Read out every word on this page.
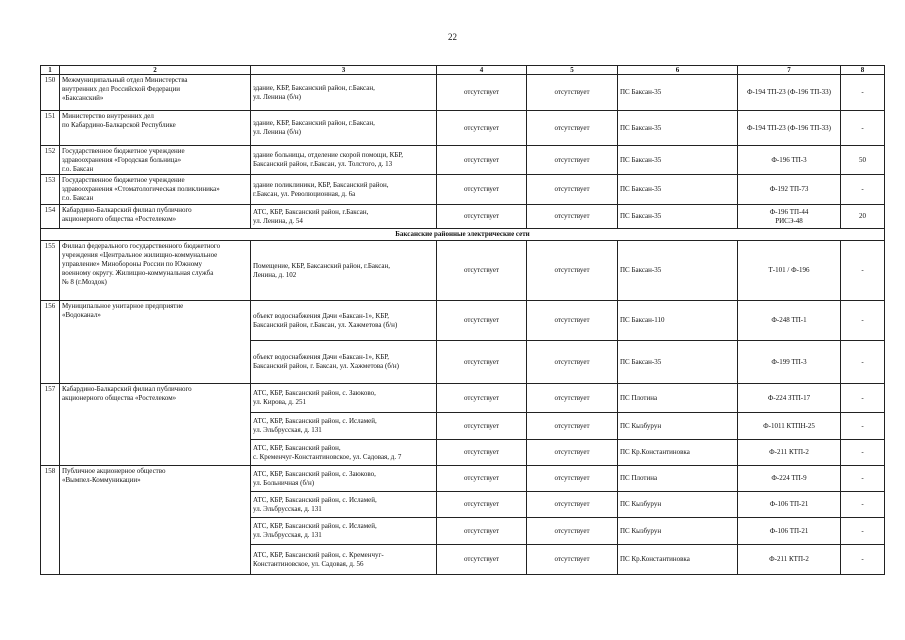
22
1	2	3	4	5	6	7	8
150	Межмуниципальный отдел Министерства
внутренних дел Российской Федерации
«Баксанский»	здание, КБР, Баксанский район, г.Баксан,
ул. Ленина (б/н)	отсутствует	отсутствует	ПС Баксан-35	Ф-194 ТП-23 (Ф-196 ТП-33)	-
151	Министерство внутренних дел
по Кабардино-Балкарской Республике	здание, КБР, Баксанский район, г.Баксан,
ул. Ленина (б/н)	отсутствует	отсутствует	ПС Баксан-35	Ф-194 ТП-23 (Ф-196 ТП-33)	-
152	Государственное бюджетное учреждение
здравоохранения «Городская больница»
г.о. Баксан	здание больницы, отделение скорой помощи, КБР,
Баксанский район, г.Баксан, ул. Толстого, д. 13	отсутствует	отсутствует	ПС Баксан-35	Ф-196 ТП-3	50
153	Государственное бюджетное учреждение
здравоохранения «Стоматологическая поликлиника»
г.о. Баксан	здание поликлиники, КБР, Баксанский район,
г.Баксан, ул. Революционная, д. 6а	отсутствует	отсутствует	ПС Баксан-35	Ф-192 ТП-73	-
154	Кабардино-Балкарский филиал публичного
акционерного общества «Ростелеком»	АТС, КБР, Баксанский район, г.Баксан,
ул. Ленина, д. 54	отсутствует	отсутствует	ПС Баксан-35	Ф-196 ТП-44
РИСЭ-48	20
Баксанские районные электрические сети							
155	Филиал федерального государственного бюджетного
учреждения «Центральное жилищно-коммунальное
управление» Минобороны России по Южному
военному округу. Жилищно-коммунальная служба
№ 8 (г.Моздок)	Помещение, КБР, Баксанский район, г.Баксан,
Ленина, д. 102	отсутствует	отсутствует	ПС Баксан-35	Т-101 / Ф-196	-
156	Муниципальное унитарное предприятие
«Водоканал»	объект водоснабжения Дачи «Баксан-1», КБР,
Баксанский район, г.Баксан, ул. Хажметова (б/н)	отсутствует	отсутствует	ПС Баксан-110	Ф-248 ТП-1	-
		объект водоснабжения Дачи «Баксан-1», КБР,
Баксанский район, г. Баксан, ул. Хажметова (б/н)	отсутствует	отсутствует	ПС Баксан-35	Ф-199 ТП-3	-
157	Кабардино-Балкарский филиал публичного
акционерного общества «Ростелеком»	АТС, КБР, Баксанский район, с. Заюково,
ул. Кирова, д. 251	отсутствует	отсутствует	ПС Плотина	Ф-224 ЗТП-17	-
		АТС, КБР, Баксанский район, с. Исламей,
ул. Эльбрусская, д. 131	отсутствует	отсутствует	ПС Кызбурун	Ф-1011 КТПН-25	-
		АТС, КБР, Баксанский район,
с. Кременчуг-Константиновское, ул. Садовая, д. 7	отсутствует	отсутствует	ПС Кр.Константиновка	Ф-211 КТП-2	-
158	Публичное акционерное общество
«Вымпел-Коммуникации»	АТС, КБР, Баксанский район, с. Заюково,
ул. Больничная (б/н)	отсутствует	отсутствует	ПС Плотина	Ф-224 ТП-9	-
		АТС, КБР, Баксанский район, с. Исламей,
ул. Эльбрусская, д. 131	отсутствует	отсутствует	ПС Кызбурун	Ф-106 ТП-21	-
		АТС, КБР, Баксанский район, с. Исламей,
ул. Эльбрусская, д. 131	отсутствует	отсутствует	ПС Кызбурун	Ф-106 ТП-21	-
		АТС, КБР, Баксанский район, с. Кременчуг-
Константиновское, ул. Садовая, д. 56	отсутствует	отсутствует	ПС Кр.Константиновка	Ф-211 КТП-2	-
